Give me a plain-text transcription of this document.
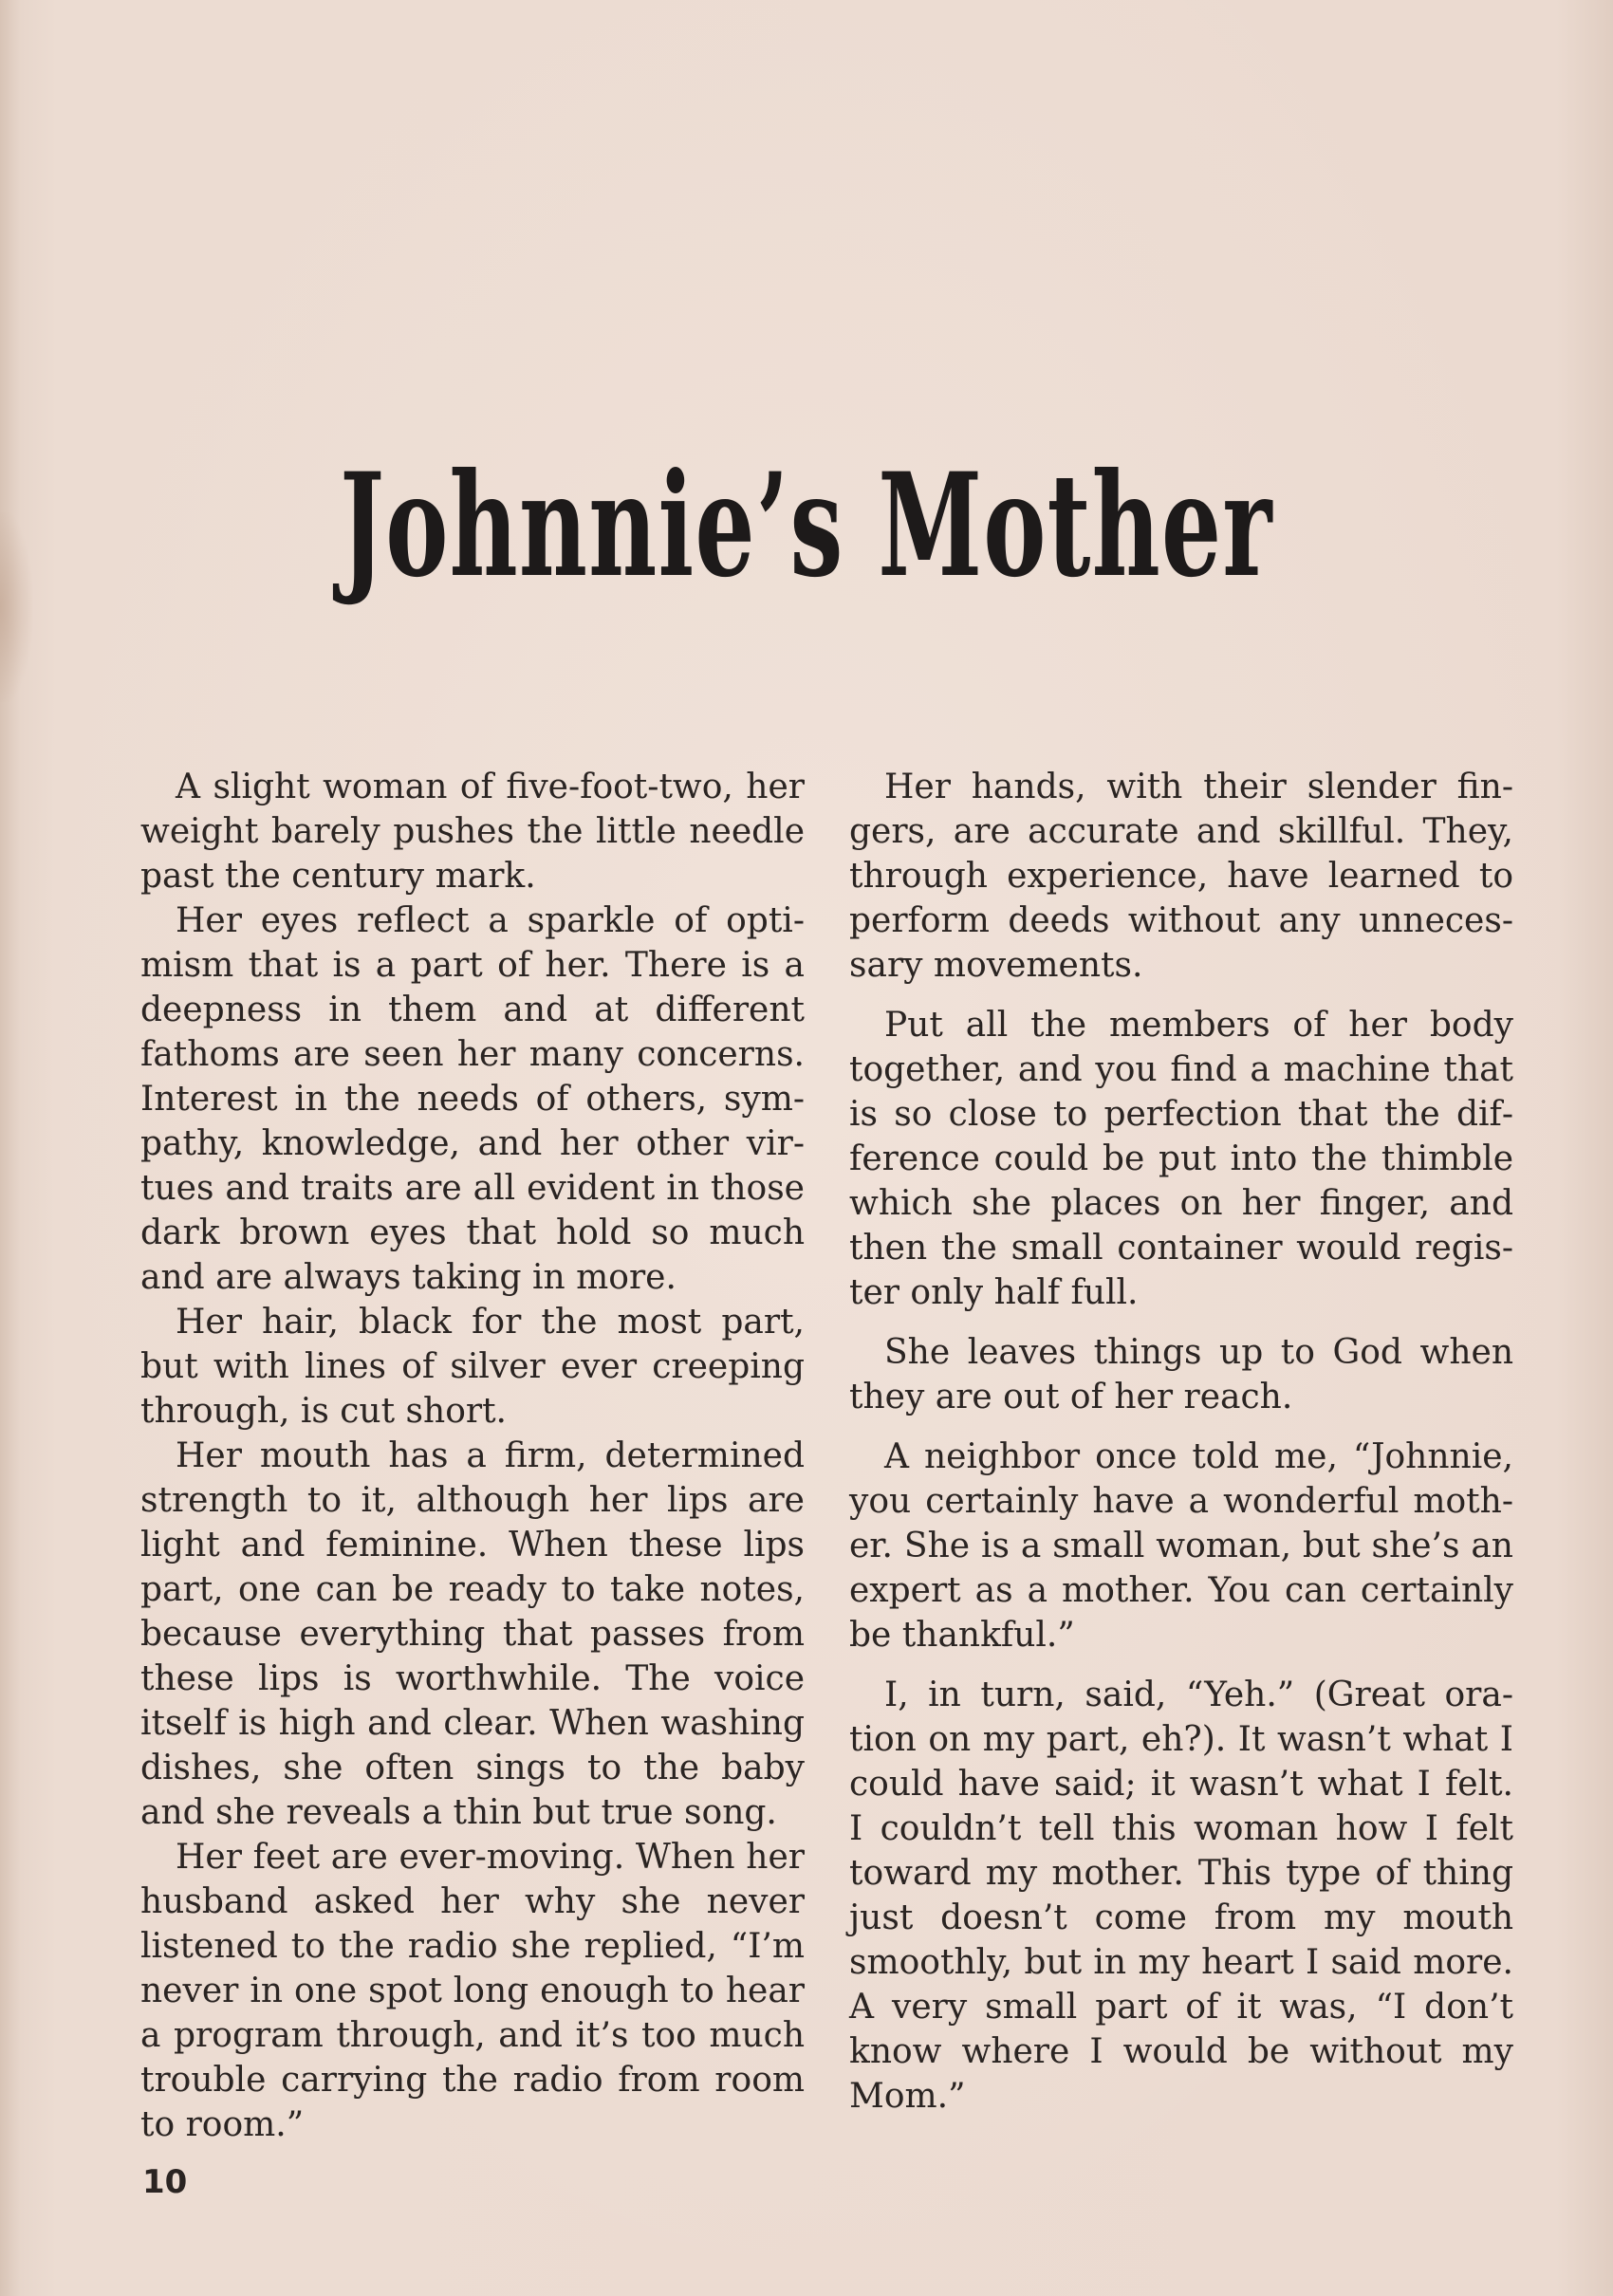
Johnnie’s Mother

A slight woman of five-foot-two, her weight barely pushes the little needle past the century mark.

Her eyes reflect a sparkle of optimism that is a part of her. There is a deepness in them and at different fathoms are seen her many concerns. Interest in the needs of others, sympathy, knowledge, and her other virtues and traits are all evident in those dark brown eyes that hold so much and are always taking in more.

Her hair, black for the most part, but with lines of silver ever creeping through, is cut short.

Her mouth has a firm, determined strength to it, although her lips are light and feminine. When these lips part, one can be ready to take notes, because everything that passes from these lips is worthwhile. The voice itself is high and clear. When washing dishes, she often sings to the baby and she reveals a thin but true song.

Her feet are ever-moving. When her husband asked her why she never listened to the radio she replied, “I’m never in one spot long enough to hear a program through, and it’s too much trouble carrying the radio from room to room.”

Her hands, with their slender fingers, are accurate and skillful. They, through experience, have learned to perform deeds without any unnecessary movements.

Put all the members of her body together, and you find a machine that is so close to perfection that the difference could be put into the thimble which she places on her finger, and then the small container would register only half full.

She leaves things up to God when they are out of her reach.

A neighbor once told me, “Johnnie, you certainly have a wonderful mother. She is a small woman, but she’s an expert as a mother. You can certainly be thankful.”

I, in turn, said, “Yeh.” (Great oration on my part, eh?). It wasn’t what I could have said; it wasn’t what I felt. I couldn’t tell this woman how I felt toward my mother. This type of thing just doesn’t come from my mouth smoothly, but in my heart I said more. A very small part of it was, “I don’t know where I would be without my Mom.”

10
